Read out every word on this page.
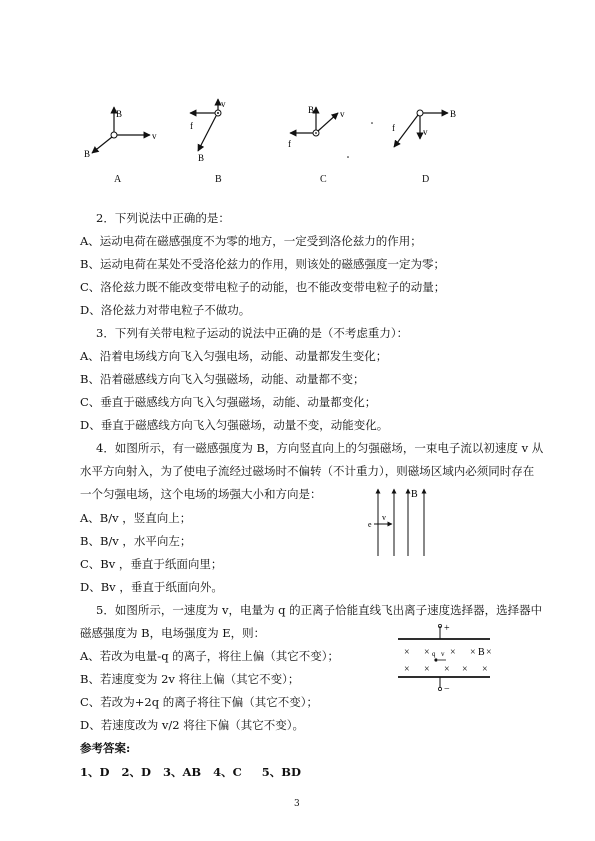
B
v
B
v
f
B
B	v
f
B
v
f
A	B	C	D
2．下列说法中正确的是：
A、运动电荷在磁感强度不为零的地方，一定受到洛伦兹力的作用；
B、运动电荷在某处不受洛伦兹力的作用，则该处的磁感强度一定为零；
C、洛伦兹力既不能改变带电粒子的动能，也不能改变带电粒子的动量；
D、洛伦兹力对带电粒子不做功。
3．下列有关带电粒子运动的说法中正确的是（不考虑重力）：
A、沿着电场线方向飞入匀强电场，动能、动量都发生变化；
B、沿着磁感线方向飞入匀强磁场，动能、动量都不变；
C、垂直于磁感线方向飞入匀强磁场，动能、动量都变化；
D、垂直于磁感线方向飞入匀强磁场，动量不变，动能变化。
4．如图所示，有一磁感强度为 B，方向竖直向上的匀强磁场，一束电子流以初速度 v 从
水平方向射入，为了使电子流经过磁场时不偏转（不计重力），则磁场区域内必须同时存在
一个匀强电场，这个电场的场强大小和方向是：
A、B/v ，竖直向上；
B、B/v ，水平向左；
C、Bv ，垂直于纸面向里；
D、Bv ，垂直于纸面向外。
B
v
e
5．如图所示，一速度为 v，电量为 q 的正离子恰能直线飞出离子速度选择器，选择器中
磁感强度为 B，电场强度为 E，则：
A、若改为电量-q 的离子，将往上偏（其它不变）；
B、若速度变为 2v 将往上偏（其它不变）；
C、若改为+2q 的离子将往下偏（其它不变）；
D、若速度改为 v/2 将往下偏（其它不变）。
+
−
× × × × B ×
× × × × ×
v
q
参考答案:
1、D   2、D   3、AB   4、C     5、BD
3
